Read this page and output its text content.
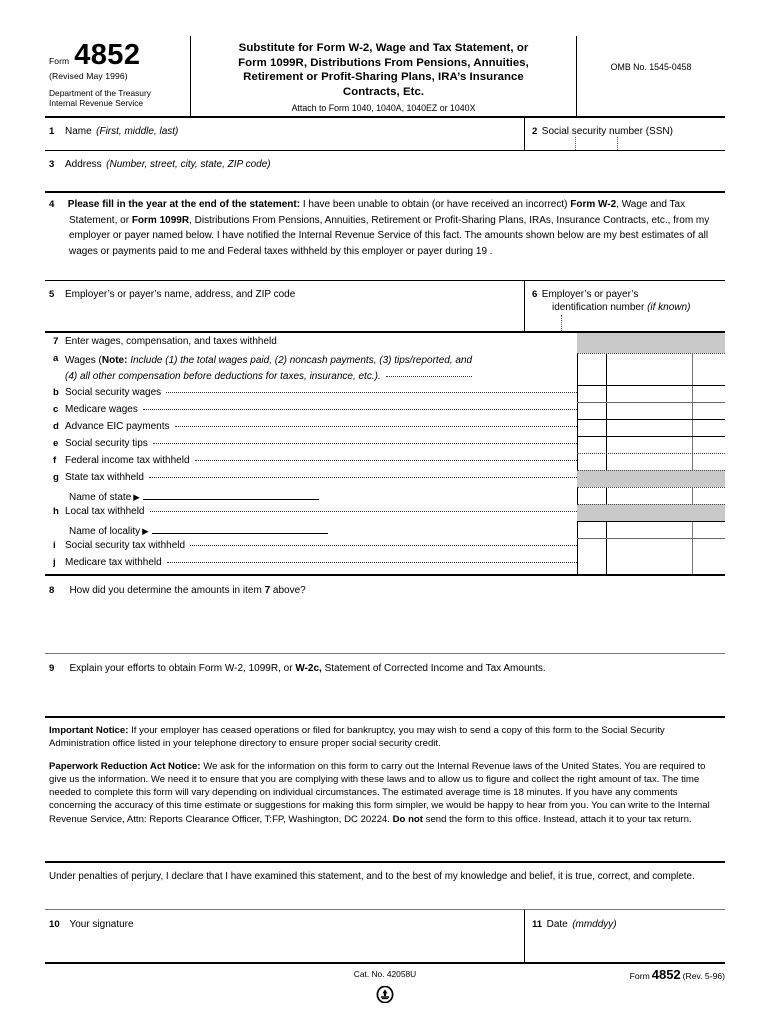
Form 4852
(Revised May 1996)
Department of the Treasury
Internal Revenue Service
Substitute for Form W-2, Wage and Tax Statement, or
Form 1099R, Distributions From Pensions, Annuities,
Retirement or Profit-Sharing Plans, IRA’s Insurance
Contracts, Etc.
Attach to Form 1040, 1040A, 1040EZ or 1040X
OMB No. 1545-0458
1 Name (First, middle, last)	2 Social security number (SSN)
3 Address (Number, street, city, state, ZIP code)
4 Please fill in the year at the end of the statement: I have been unable to obtain (or have received an incorrect) Form W-2, Wage and Tax Statement, or Form 1099R, Distributions From Pensions, Annuities, Retirement or Profit-Sharing Plans, IRAs, Insurance Contracts, etc., from my employer or payer named below. I have notified the Internal Revenue Service of this fact. The amounts shown below are my best estimates of all wages or payments paid to me and Federal taxes withheld by this employer or payer during 19 .
5 Employer’s or payer’s name, address, and ZIP code	6 Employer’s or payer’s
identification number (if known)
7 Enter wages, compensation, and taxes withheld
a Wages (Note: Include (1) the total wages paid, (2) noncash payments, (3) tips/reported, and
(4) all other compensation before deductions for taxes, insurance, etc.).
b Social security wages
c Medicare wages
d Advance EIC payments
e Social security tips
f Federal income tax withheld
g State tax withheld
Name of state ▶
h Local tax withheld
Name of locality ▶
i Social security tax withheld
j Medicare tax withheld
8 How did you determine the amounts in item 7 above?
9 Explain your efforts to obtain Form W-2, 1099R, or W-2c, Statement of Corrected Income and Tax Amounts.
Important Notice: If your employer has ceased operations or filed for bankruptcy, you may wish to send a copy of this form to the Social Security Administration office listed in your telephone directory to ensure proper social security credit.
Paperwork Reduction Act Notice: We ask for the information on this form to carry out the Internal Revenue laws of the United States. You are required to give us the information. We need it to ensure that you are complying with these laws and to allow us to figure and collect the right amount of tax. The time needed to complete this form will vary depending on individual circumstances. The estimated average time is 18 minutes. If you have any comments concerning the accuracy of this time estimate or suggestions for making this form simpler, we would be happy to hear from you. You can write to the Internal Revenue Service, Attn: Reports Clearance Officer, T:FP, Washington, DC 20224. Do not send the form to this office. Instead, attach it to your tax return.
Under penalties of perjury, I declare that I have examined this statement, and to the best of my knowledge and belief, it is true, correct, and complete.
10 Your signature	11 Date (mmddyy)
Cat. No. 42058U	Form 4852 (Rev. 5-96)
